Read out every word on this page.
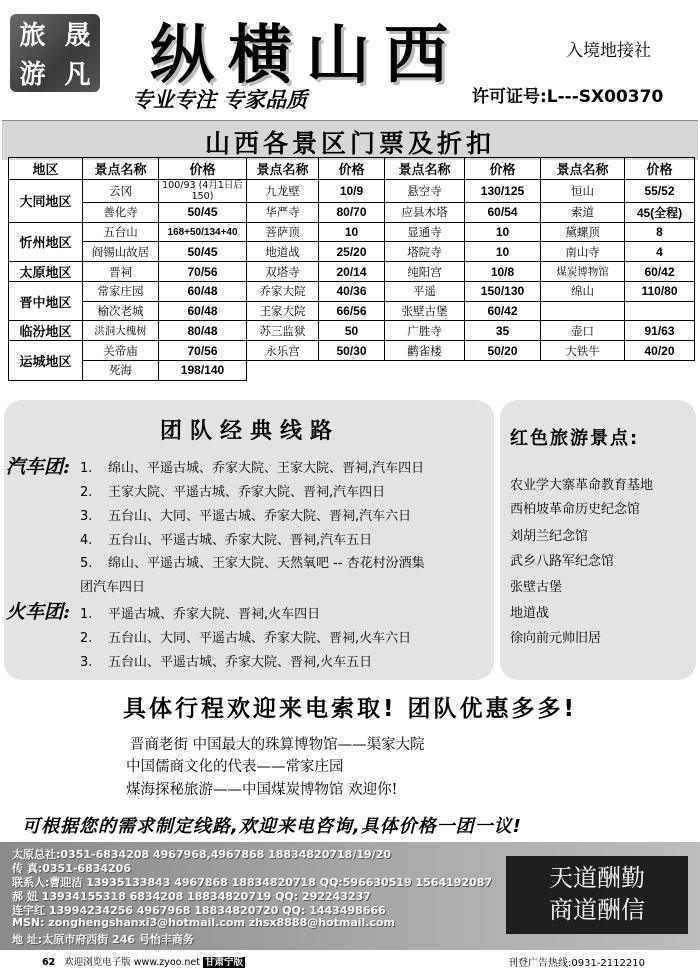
旅 晟
游 凡 纵横山西	入境地接社
专业专注 专家品质	许可证号:L---SX00370
山西各景区门票及折扣
地区	景点名称	价格	景点名称	价格	景点名称	价格	景点名称	价格
大同地区	云冈	100/93 (4月1日后150)	九龙壁	10/9	悬空寺	130/125	恒山	55/52
	善化寺	50/45	华严寺	80/70	应县木塔	60/54	索道	45(全程)
忻州地区	五台山	168+50/134+40	菩萨顶	10	显通寺	10	黛螺顶	8
	阎锡山故居	50/45	地道战	25/20	塔院寺	10	南山寺	4
太原地区	晋祠	70/56	双塔寺	20/14	纯阳宫	10/8	煤炭博物馆	60/42
晋中地区	常家庄园	60/48	乔家大院	40/36	平遥	150/130	绵山	110/80
	榆次老城	60/48	王家大院	66/56	张壁古堡	60/42		
临汾地区	洪洞大槐树	80/48	苏三监狱	50	广胜寺	35	壶口	91/63
运城地区	关帝庙	70/56	永乐宫	50/30	鹳雀楼	50/20	大铁牛	40/20
	死海	198/140						
团队经典线路
汽车团: 1. 绵山、平遥古城、乔家大院、王家大院、晋祠,汽车四日
2. 王家大院、平遥古城、乔家大院、晋祠,汽车四日
3. 五台山、大同、平遥古城、乔家大院、晋祠,汽车六日
4. 五台山、平遥古城、乔家大院、晋祠,汽车五日
5. 绵山、平遥古城、王家大院、天然氧吧 -- 杏花村汾酒集
团汽车四日
火车团: 1. 平遥古城、乔家大院、晋祠,火车四日
2. 五台山、大同、平遥古城、乔家大院、晋祠,火车六日
3. 五台山、平遥古城、乔家大院、晋祠,火车五日
红色旅游景点:
农业学大寨革命教育基地
西柏坡革命历史纪念馆
刘胡兰纪念馆
武乡八路军纪念馆
张壁古堡
地道战
徐向前元帅旧居
具体行程欢迎来电索取! 团队优惠多多!
晋商老街 中国最大的珠算博物馆——渠家大院
中国儒商文化的代表——常家庄园
煤海探秘旅游——中国煤炭博物馆 欢迎你!
可根据您的需求制定线路,欢迎来电咨询,具体价格一团一议!
太原总社:0351-6834208 4967968,4967868 18834820718/19/20
传 真:0351-6834206
联系人:曹迎洁 13935133843 4967868 18834820718 QQ:596630519 1564192087
郝 妞 13934155318 6834208 18834820719 QQ: 292243237
连宇红 13994234256 4967968 18834820720 QQ: 1443498666
MSN: zonghengshanxi3@hotmail.com zhsx8888@hotmail.com
地 址:太原市府西街 246 号怡丰商务
天道酬勤
商道酬信
62 欢迎浏览电子版 www.zyoo.net 甘肃宁版	刊登广告热线:0931-2112210
